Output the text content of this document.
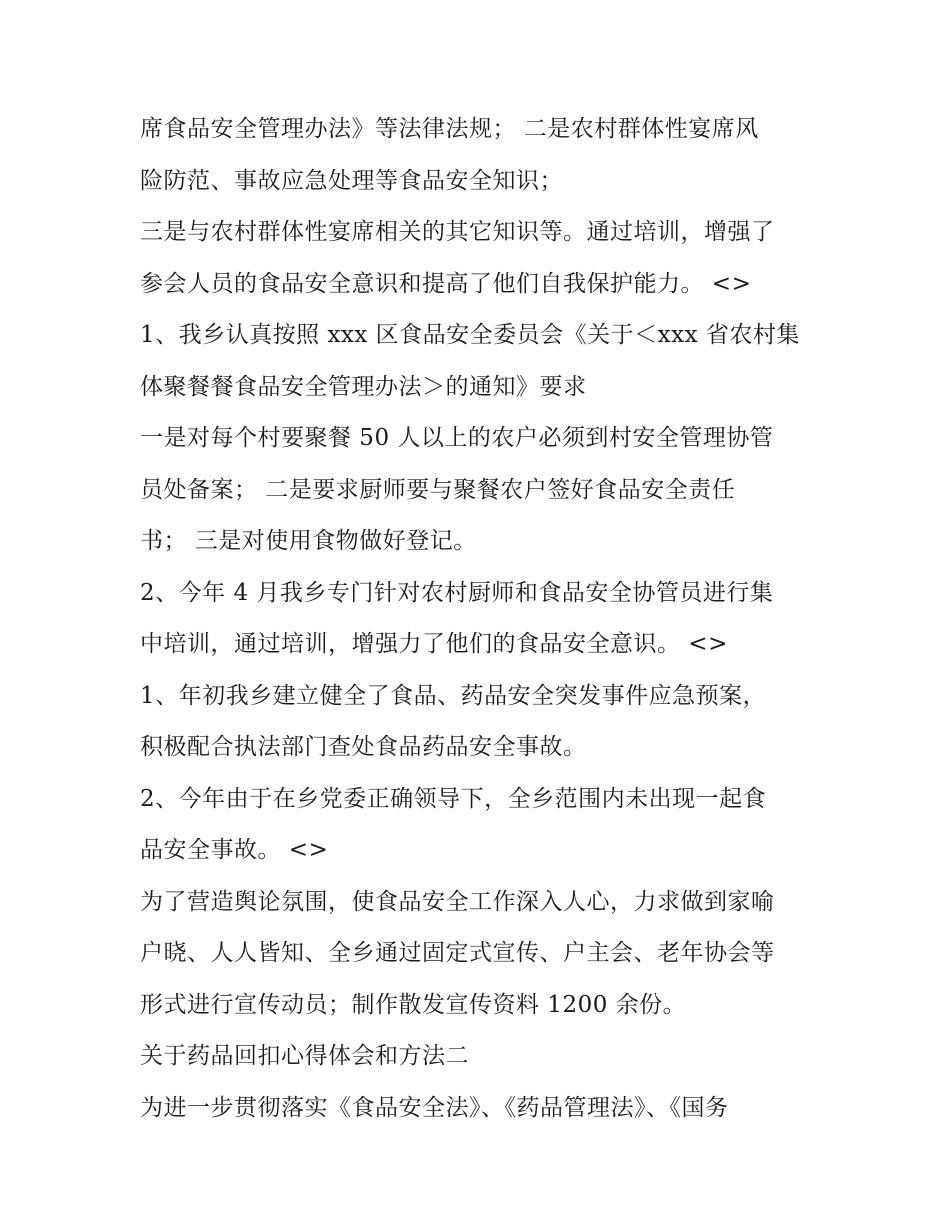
席食品安全管理办法》等法律法规； 二是农村群体性宴席风
险防范、事故应急处理等食品安全知识；
三是与农村群体性宴席相关的其它知识等。通过培训，增强了
参会人员的食品安全意识和提高了他们自我保护能力。 <>
1、我乡认真按照 xxx 区食品安全委员会《关于＜xxx 省农村集
体聚餐餐食品安全管理办法＞的通知》要求
一是对每个村要聚餐 50 人以上的农户必须到村安全管理协管
员处备案； 二是要求厨师要与聚餐农户签好食品安全责任
书； 三是对使用食物做好登记。
2、今年 4 月我乡专门针对农村厨师和食品安全协管员进行集
中培训，通过培训，增强力了他们的食品安全意识。 <>
1、年初我乡建立健全了食品、药品安全突发事件应急预案，
积极配合执法部门查处食品药品安全事故。
2、今年由于在乡党委正确领导下，全乡范围内未出现一起食
品安全事故。 <>
为了营造舆论氛围，使食品安全工作深入人心，力求做到家喻
户晓、人人皆知、全乡通过固定式宣传、户主会、老年协会等
形式进行宣传动员；制作散发宣传资料 1200 余份。
关于药品回扣心得体会和方法二
为进一步贯彻落实《食品安全法》、《药品管理法》、《国务
